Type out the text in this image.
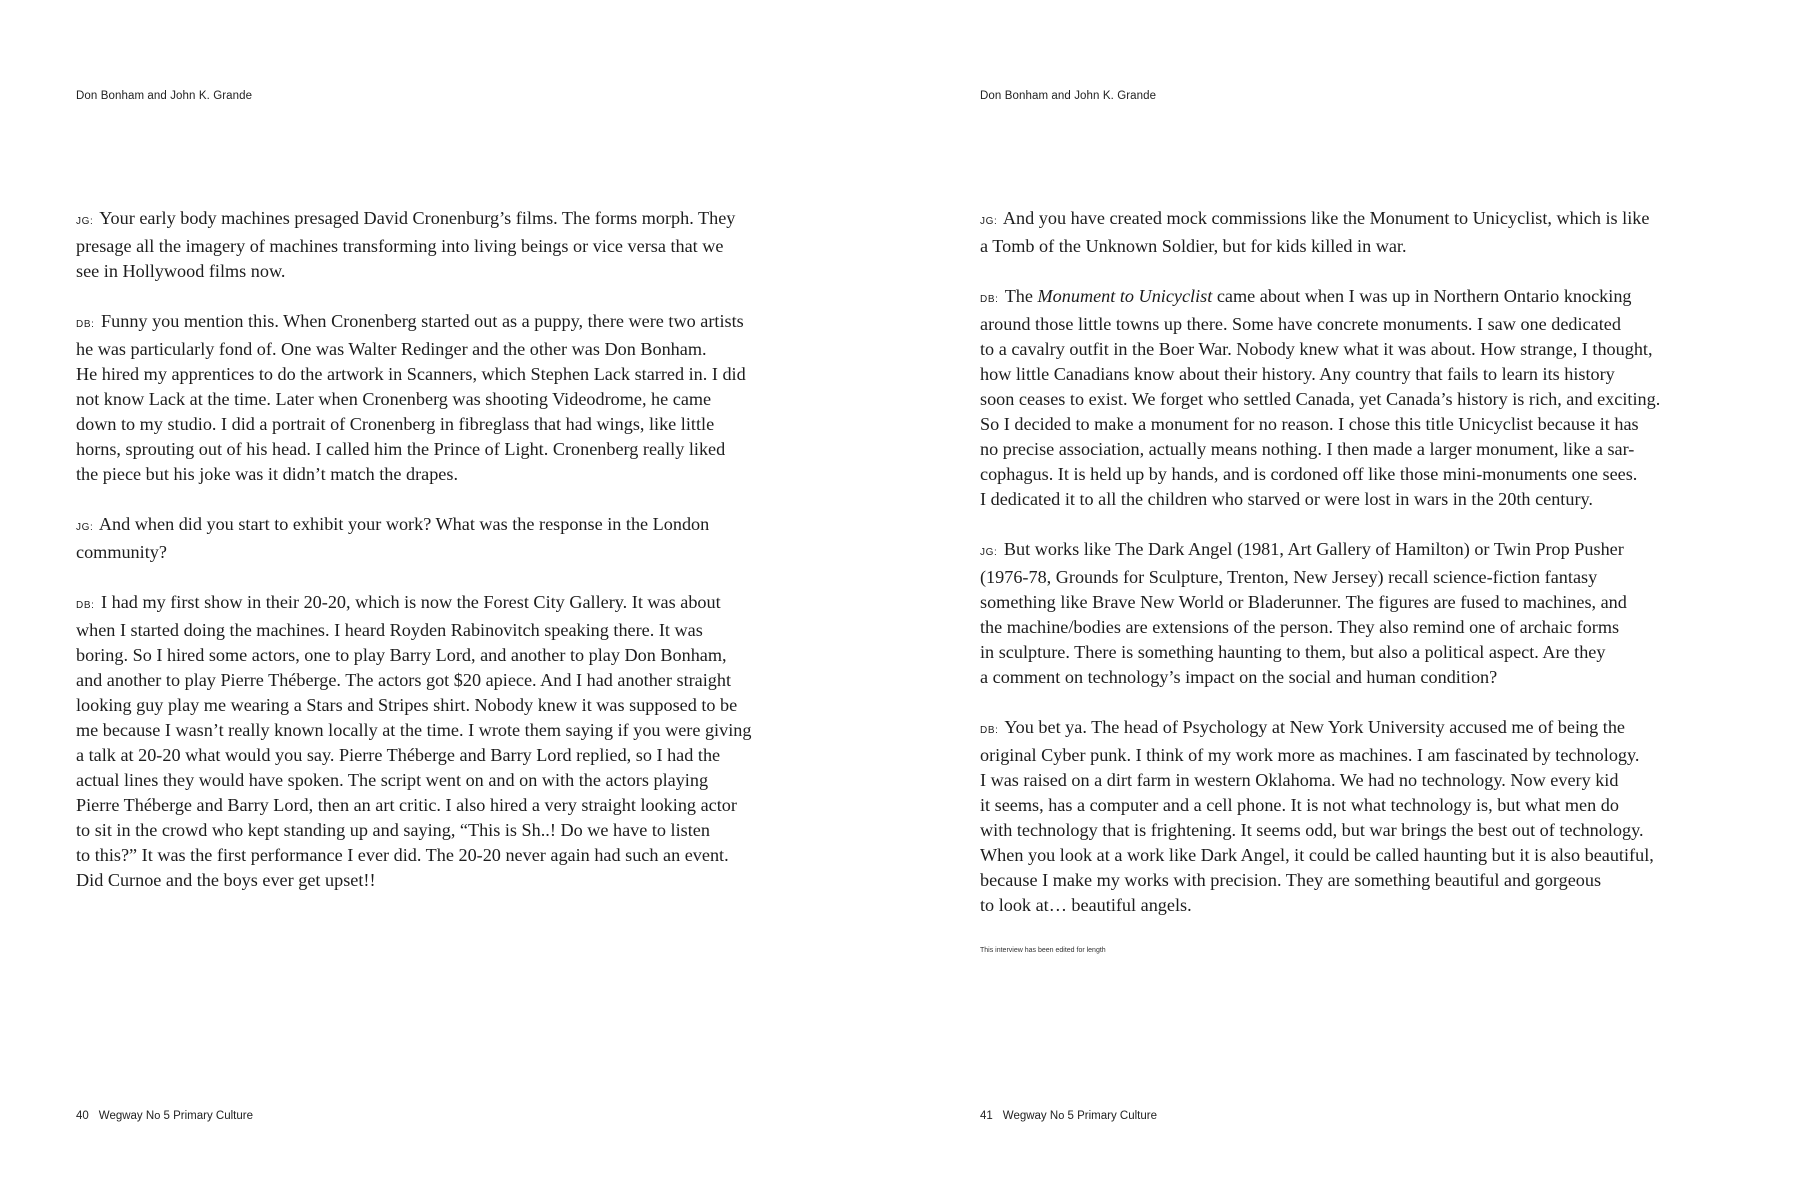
Don Bonham and John K. Grande
JG: Your early body machines presaged David Cronenburg’s films. The forms morph. They
presage all the imagery of machines transforming into living beings or vice versa that we
see in Hollywood films now.
DB: Funny you mention this. When Cronenberg started out as a puppy, there were two artists
he was particularly fond of. One was Walter Redinger and the other was Don Bonham.
He hired my apprentices to do the artwork in Scanners, which Stephen Lack starred in. I did
not know Lack at the time. Later when Cronenberg was shooting Videodrome, he came
down to my studio. I did a portrait of Cronenberg in fibreglass that had wings, like little
horns, sprouting out of his head. I called him the Prince of Light. Cronenberg really liked
the piece but his joke was it didn’t match the drapes.
JG: And when did you start to exhibit your work? What was the response in the London
community?
DB: I had my first show in their 20-20, which is now the Forest City Gallery. It was about
when I started doing the machines. I heard Royden Rabinovitch speaking there. It was
boring. So I hired some actors, one to play Barry Lord, and another to play Don Bonham,
and another to play Pierre Théberge. The actors got $20 apiece. And I had another straight
looking guy play me wearing a Stars and Stripes shirt. Nobody knew it was supposed to be
me because I wasn’t really known locally at the time. I wrote them saying if you were giving
a talk at 20-20 what would you say. Pierre Théberge and Barry Lord replied, so I had the
actual lines they would have spoken. The script went on and on with the actors playing
Pierre Théberge and Barry Lord, then an art critic. I also hired a very straight looking actor
to sit in the crowd who kept standing up and saying, “This is Sh..! Do we have to listen
to this?” It was the first performance I ever did. The 20-20 never again had such an event.
Did Curnoe and the boys ever get upset!!
40 Wegway No 5 Primary Culture
Don Bonham and John K. Grande
JG: And you have created mock commissions like the Monument to Unicyclist, which is like
a Tomb of the Unknown Soldier, but for kids killed in war.
DB: The Monument to Unicyclist came about when I was up in Northern Ontario knocking
around those little towns up there. Some have concrete monuments. I saw one dedicated
to a cavalry outfit in the Boer War. Nobody knew what it was about. How strange, I thought,
how little Canadians know about their history. Any country that fails to learn its history
soon ceases to exist. We forget who settled Canada, yet Canada’s history is rich, and exciting.
So I decided to make a monument for no reason. I chose this title Unicyclist because it has
no precise association, actually means nothing. I then made a larger monument, like a sar-
cophagus. It is held up by hands, and is cordoned off like those mini-monuments one sees.
I dedicated it to all the children who starved or were lost in wars in the 20th century.
JG: But works like The Dark Angel (1981, Art Gallery of Hamilton) or Twin Prop Pusher
(1976-78, Grounds for Sculpture, Trenton, New Jersey) recall science-fiction fantasy
something like Brave New World or Bladerunner. The figures are fused to machines, and
the machine/bodies are extensions of the person. They also remind one of archaic forms
in sculpture. There is something haunting to them, but also a political aspect. Are they
a comment on technology’s impact on the social and human condition?
DB: You bet ya. The head of Psychology at New York University accused me of being the
original Cyber punk. I think of my work more as machines. I am fascinated by technology.
I was raised on a dirt farm in western Oklahoma. We had no technology. Now every kid
it seems, has a computer and a cell phone. It is not what technology is, but what men do
with technology that is frightening. It seems odd, but war brings the best out of technology.
When you look at a work like Dark Angel, it could be called haunting but it is also beautiful,
because I make my works with precision. They are something beautiful and gorgeous
to look at… beautiful angels.
This interview has been edited for length
41 Wegway No 5 Primary Culture
